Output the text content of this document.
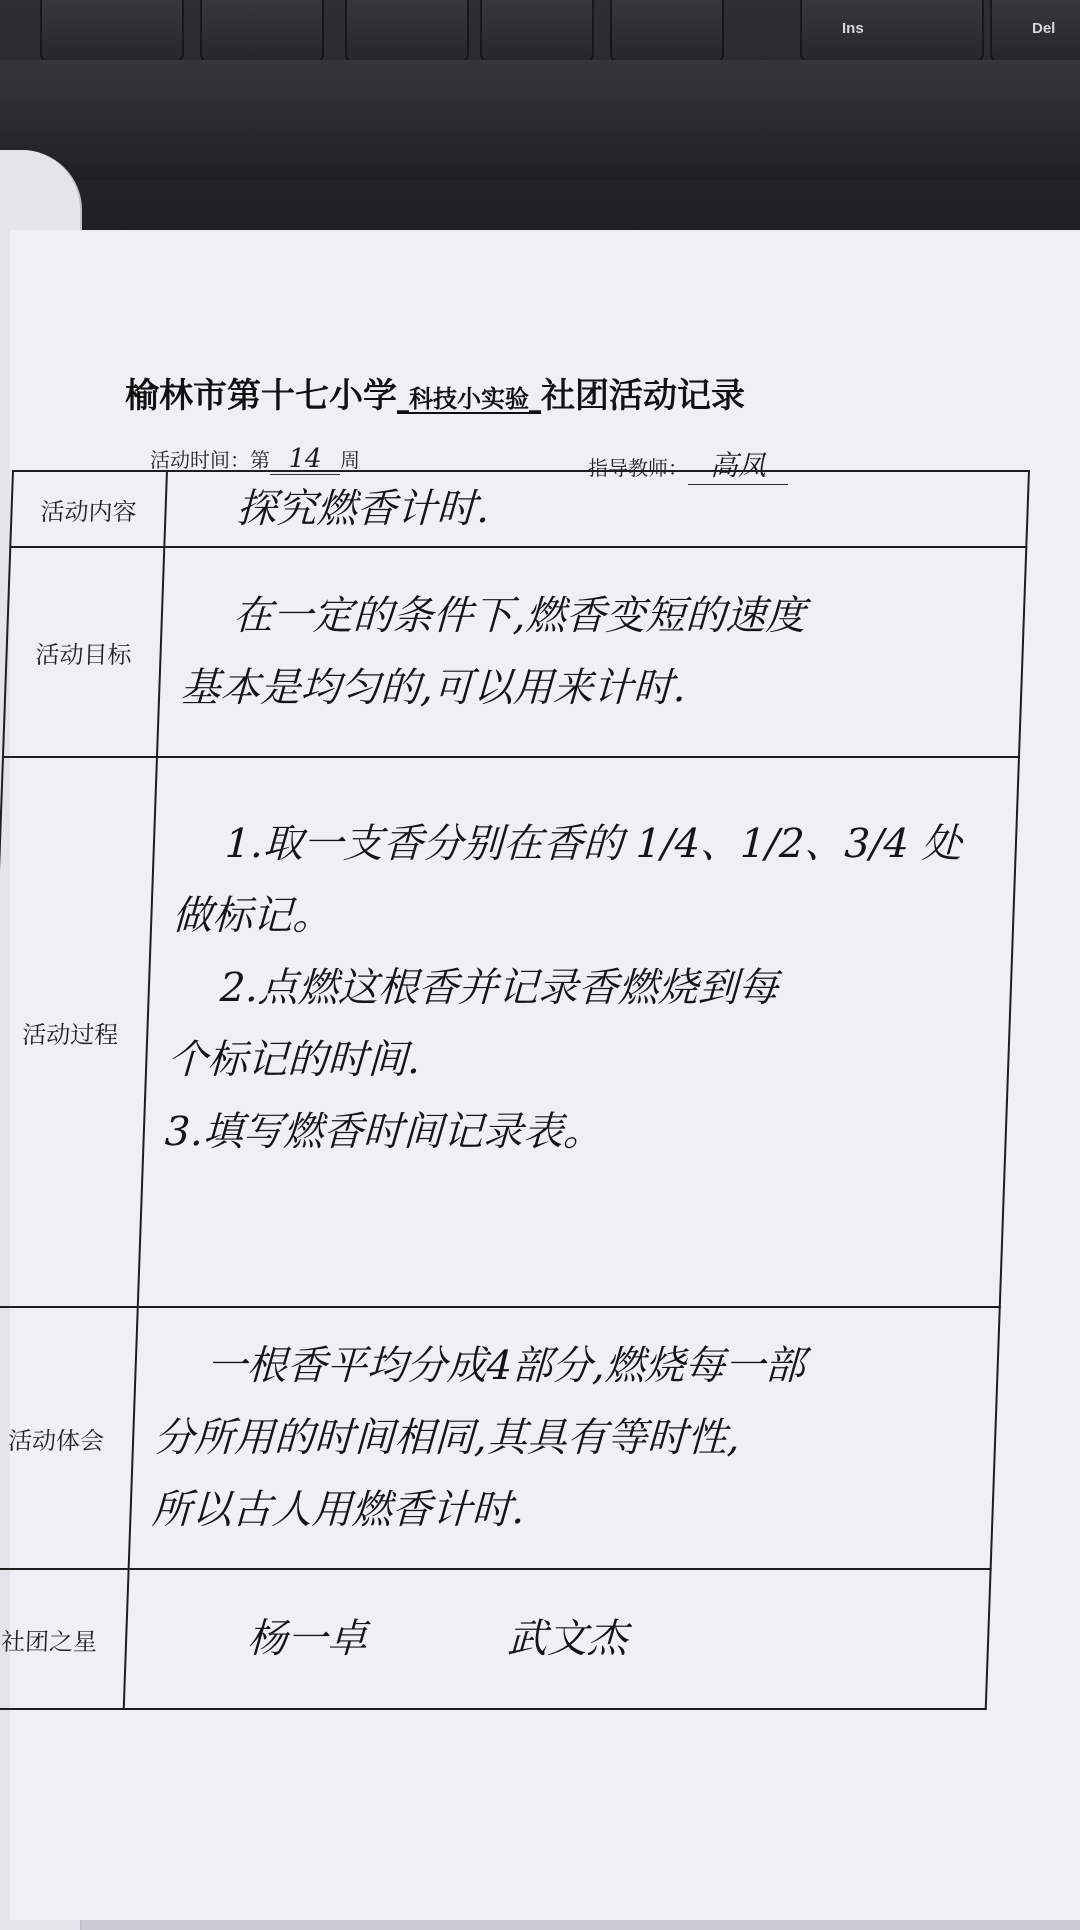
Ins	Del
榆林市第十七小学_科技小实验_社团活动记录
活动时间：第 14 周	指导教师： 高凤
活动内容	探究燃香计时.

活动目标	在一定的条件下,燃香变短的速度
基本是均匀的,可以用来计时.

活动过程	1.取一支香分别在香的 1/4、1/2、3/4 处
做标记。
2.点燃这根香并记录香燃烧到每
个标记的时间.
3.填写燃香时间记录表。

活动体会	一根香平均分成4部分,燃烧每一部
分所用的时间相同,其具有等时性,
所以古人用燃香计时.

社团之星	杨一卓 武文杰
